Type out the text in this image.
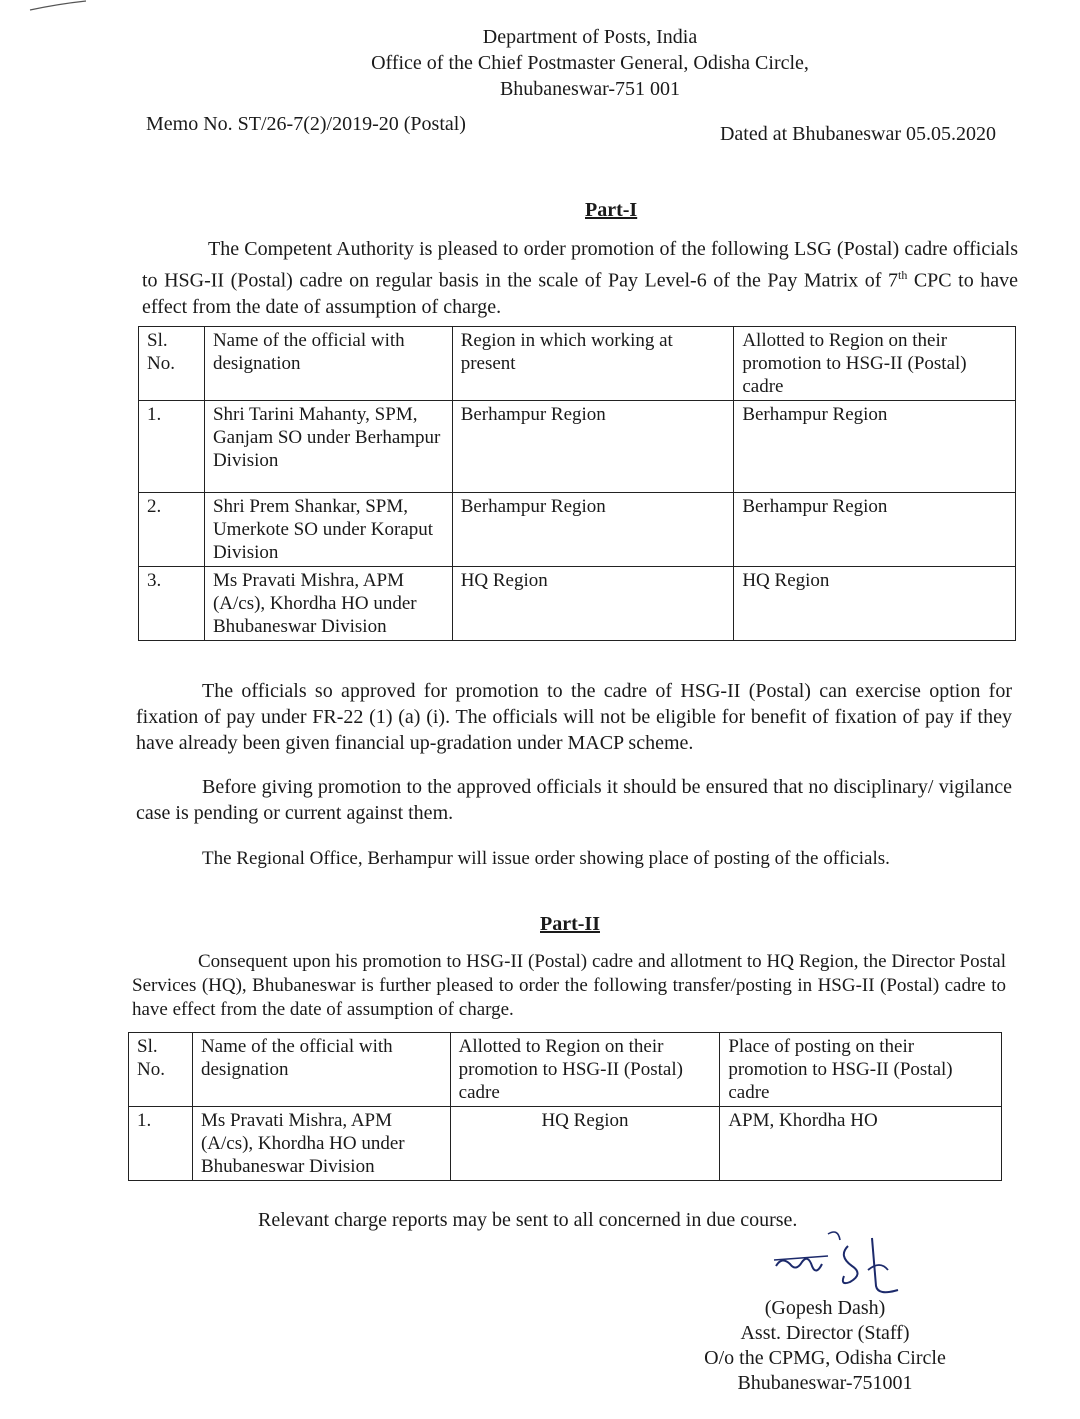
Department of Posts, India
Office of the Chief Postmaster General, Odisha Circle,
Bhubaneswar-751 001
Memo No. ST/26-7(2)/2019-20 (Postal)	Dated at Bhubaneswar 05.05.2020
Part-I
The Competent Authority is pleased to order promotion of the following LSG (Postal) cadre officials to HSG-II (Postal) cadre on regular basis in the scale of Pay Level-6 of the Pay Matrix of 7th CPC to have effect from the date of assumption of charge.
Sl. No.	Name of the official with designation	Region in which working at present	Allotted to Region on their promotion to HSG-II (Postal) cadre
1.	Shri Tarini Mahanty, SPM, Ganjam SO under Berhampur Division	Berhampur Region	Berhampur Region
2.	Shri Prem Shankar, SPM, Umerkote SO under Koraput Division	Berhampur Region	Berhampur Region
3.	Ms Pravati Mishra, APM (A/cs), Khordha HO under Bhubaneswar Division	HQ Region	HQ Region
The officials so approved for promotion to the cadre of HSG-II (Postal) can exercise option for fixation of pay under FR-22 (1) (a) (i). The officials will not be eligible for benefit of fixation of pay if they have already been given financial up-gradation under MACP scheme.
Before giving promotion to the approved officials it should be ensured that no disciplinary/ vigilance case is pending or current against them.
The Regional Office, Berhampur will issue order showing place of posting of the officials.
Part-II
Consequent upon his promotion to HSG-II (Postal) cadre and allotment to HQ Region, the Director Postal Services (HQ), Bhubaneswar is further pleased to order the following transfer/posting in HSG-II (Postal) cadre to have effect from the date of assumption of charge.
Sl. No.	Name of the official with designation	Allotted to Region on their promotion to HSG-II (Postal) cadre	Place of posting on their promotion to HSG-II (Postal) cadre
1.	Ms Pravati Mishra, APM (A/cs), Khordha HO under Bhubaneswar Division	HQ Region	APM, Khordha HO
Relevant charge reports may be sent to all concerned in due course.
(Gopesh Dash)
Asst. Director (Staff)
O/o the CPMG, Odisha Circle
Bhubaneswar-751001
